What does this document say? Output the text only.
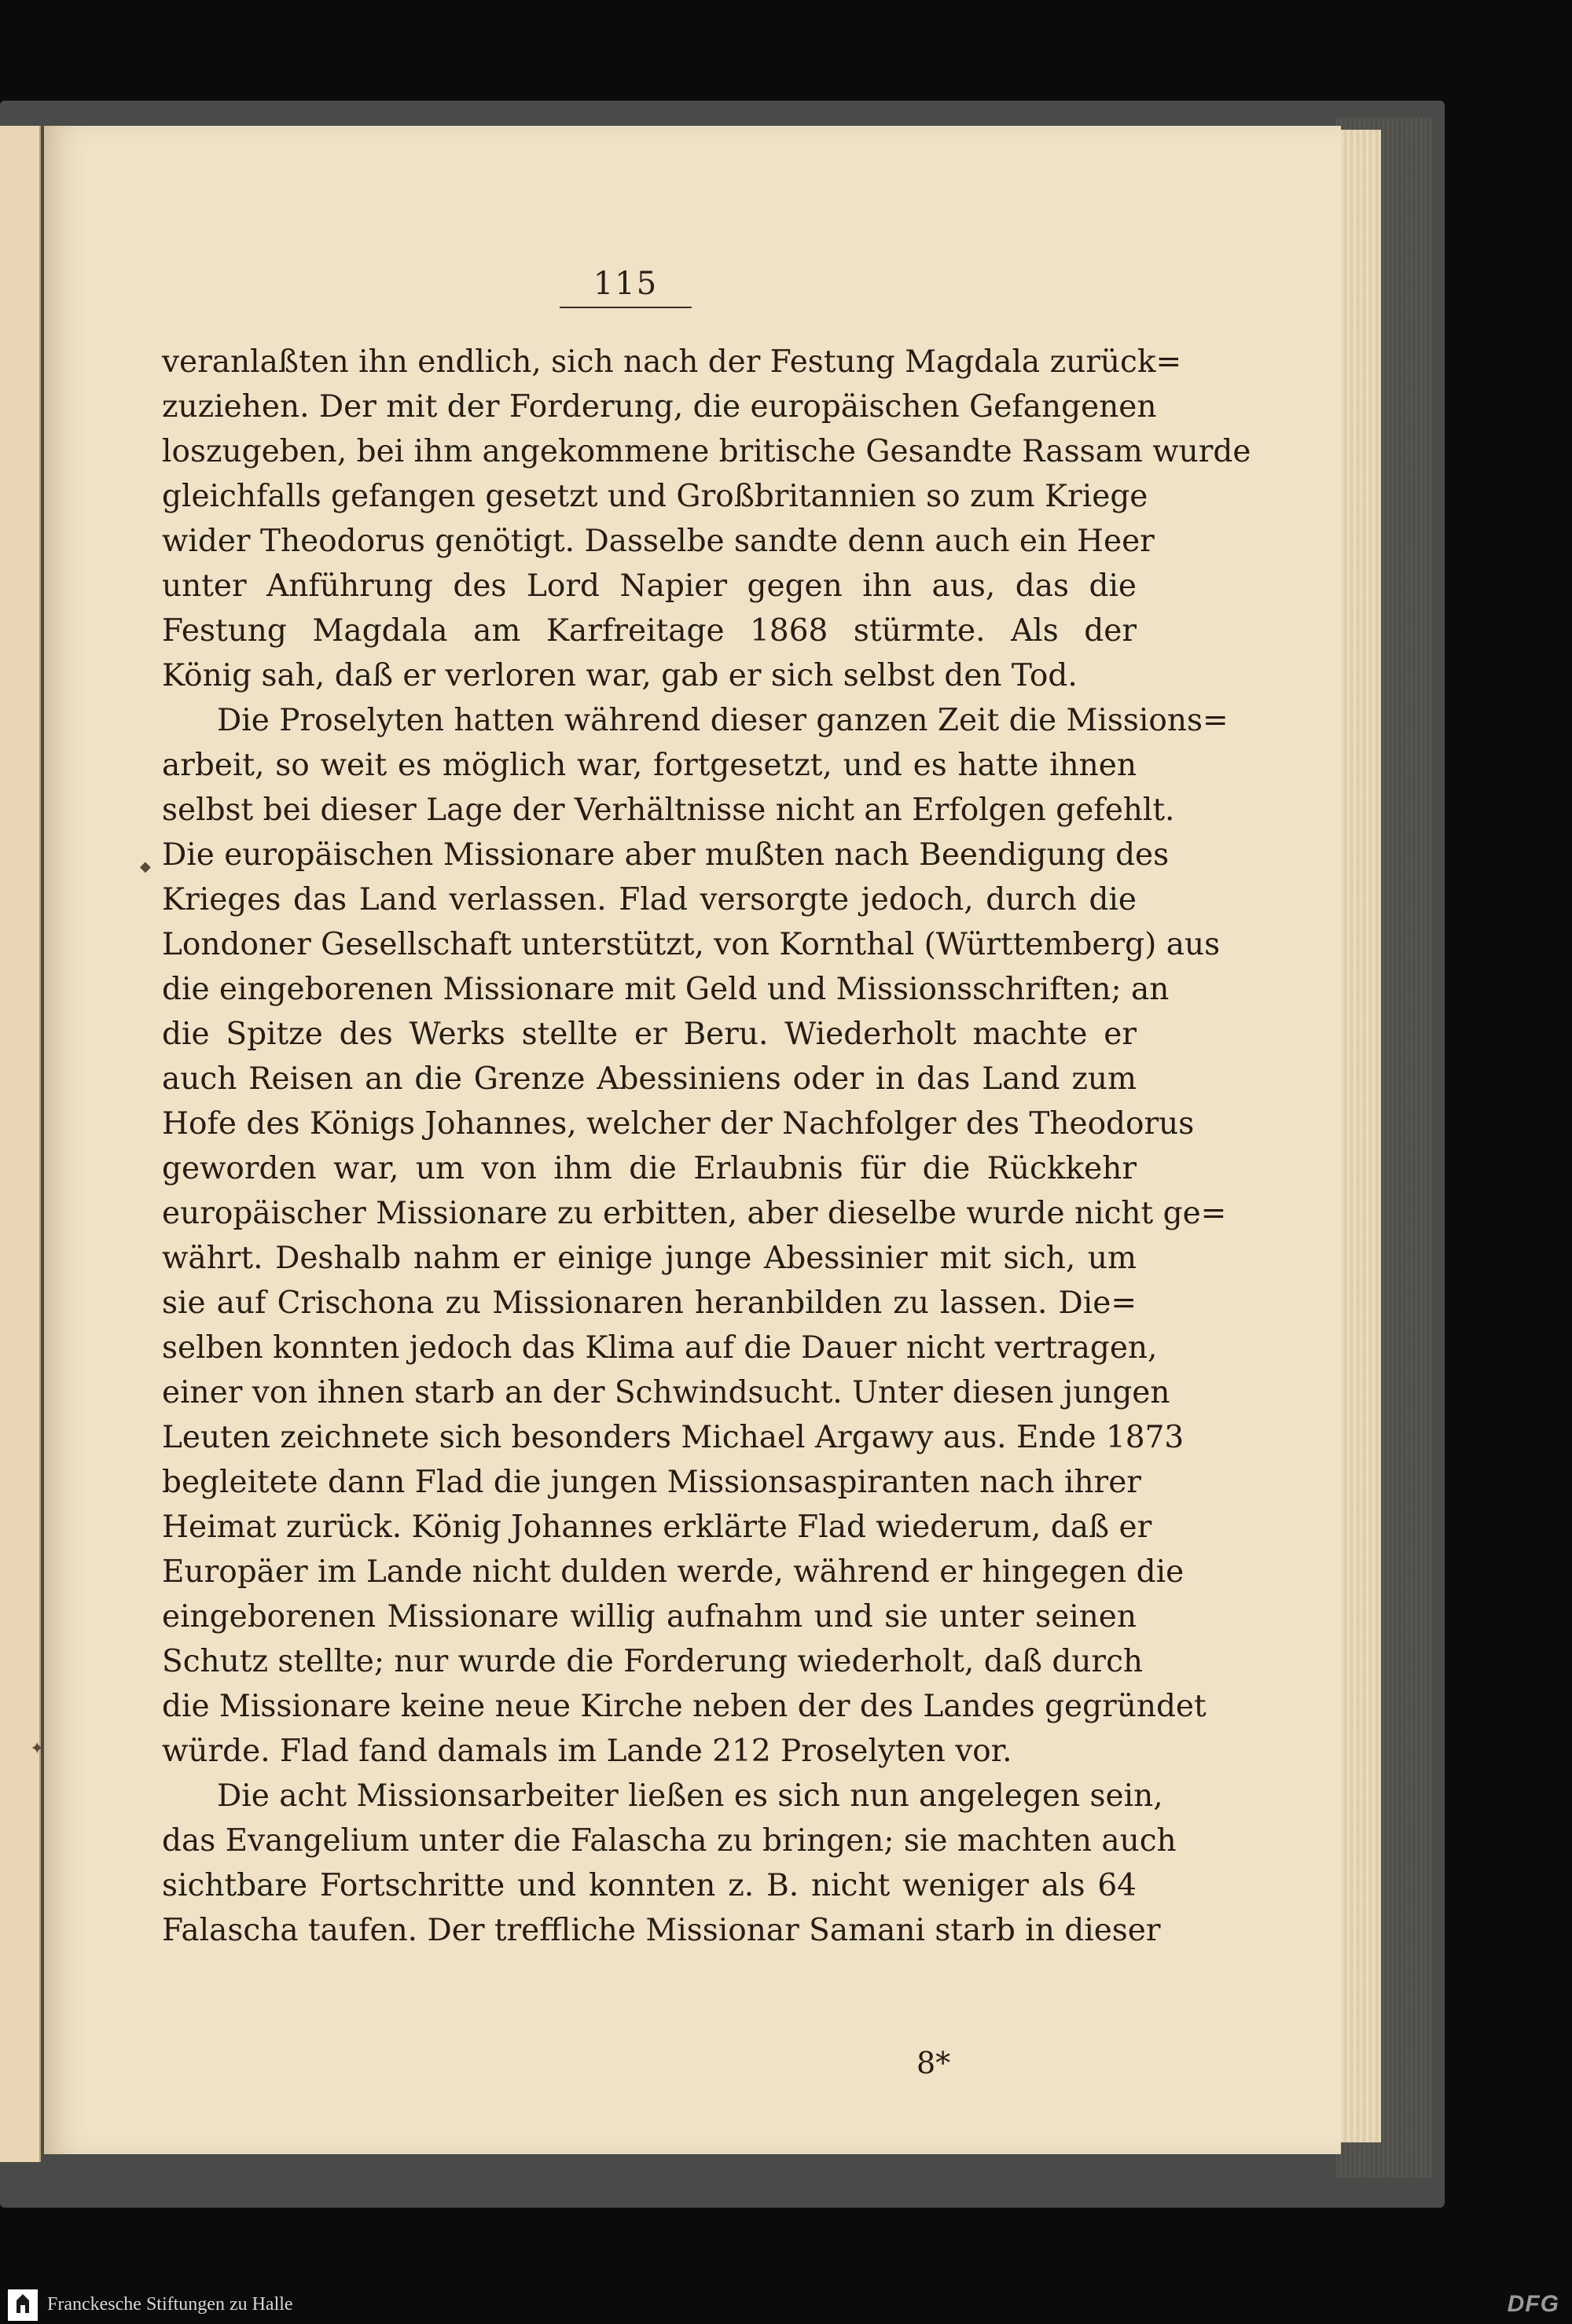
115
veranlaßten ihn endlich, sich nach der Festung Magdala zurück=
zuziehen. Der mit der Forderung, die europäischen Gefangenen
loszugeben, bei ihm angekommene britische Gesandte Rassam wurde
gleichfalls gefangen gesetzt und Großbritannien so zum Kriege
wider Theodorus genötigt. Dasselbe sandte denn auch ein Heer
unter Anführung des Lord Napier gegen ihn aus, das die
Festung Magdala am Karfreitage 1868 stürmte. Als der
König sah, daß er verloren war, gab er sich selbst den Tod.
Die Proselyten hatten während dieser ganzen Zeit die Missions=
arbeit, so weit es möglich war, fortgesetzt, und es hatte ihnen
selbst bei dieser Lage der Verhältnisse nicht an Erfolgen gefehlt.
Die europäischen Missionare aber mußten nach Beendigung des
Krieges das Land verlassen. Flad versorgte jedoch, durch die
Londoner Gesellschaft unterstützt, von Kornthal (Württemberg) aus
die eingeborenen Missionare mit Geld und Missionsschriften; an
die Spitze des Werks stellte er Beru. Wiederholt machte er
auch Reisen an die Grenze Abessiniens oder in das Land zum
Hofe des Königs Johannes, welcher der Nachfolger des Theodorus
geworden war, um von ihm die Erlaubnis für die Rückkehr
europäischer Missionare zu erbitten, aber dieselbe wurde nicht ge=
währt. Deshalb nahm er einige junge Abessinier mit sich, um
sie auf Crischona zu Missionaren heranbilden zu lassen. Die=
selben konnten jedoch das Klima auf die Dauer nicht vertragen,
einer von ihnen starb an der Schwindsucht. Unter diesen jungen
Leuten zeichnete sich besonders Michael Argawy aus. Ende 1873
begleitete dann Flad die jungen Missionsaspiranten nach ihrer
Heimat zurück. König Johannes erklärte Flad wiederum, daß er
Europäer im Lande nicht dulden werde, während er hingegen die
eingeborenen Missionare willig aufnahm und sie unter seinen
Schutz stellte; nur wurde die Forderung wiederholt, daß durch
die Missionare keine neue Kirche neben der des Landes gegründet
würde. Flad fand damals im Lande 212 Proselyten vor.
Die acht Missionsarbeiter ließen es sich nun angelegen sein,
das Evangelium unter die Falascha zu bringen; sie machten auch
sichtbare Fortschritte und konnten z. B. nicht weniger als 64
Falascha taufen. Der treffliche Missionar Samani starb in dieser
8*
◆
✦
Franckesche Stiftungen zu Halle	DFG
